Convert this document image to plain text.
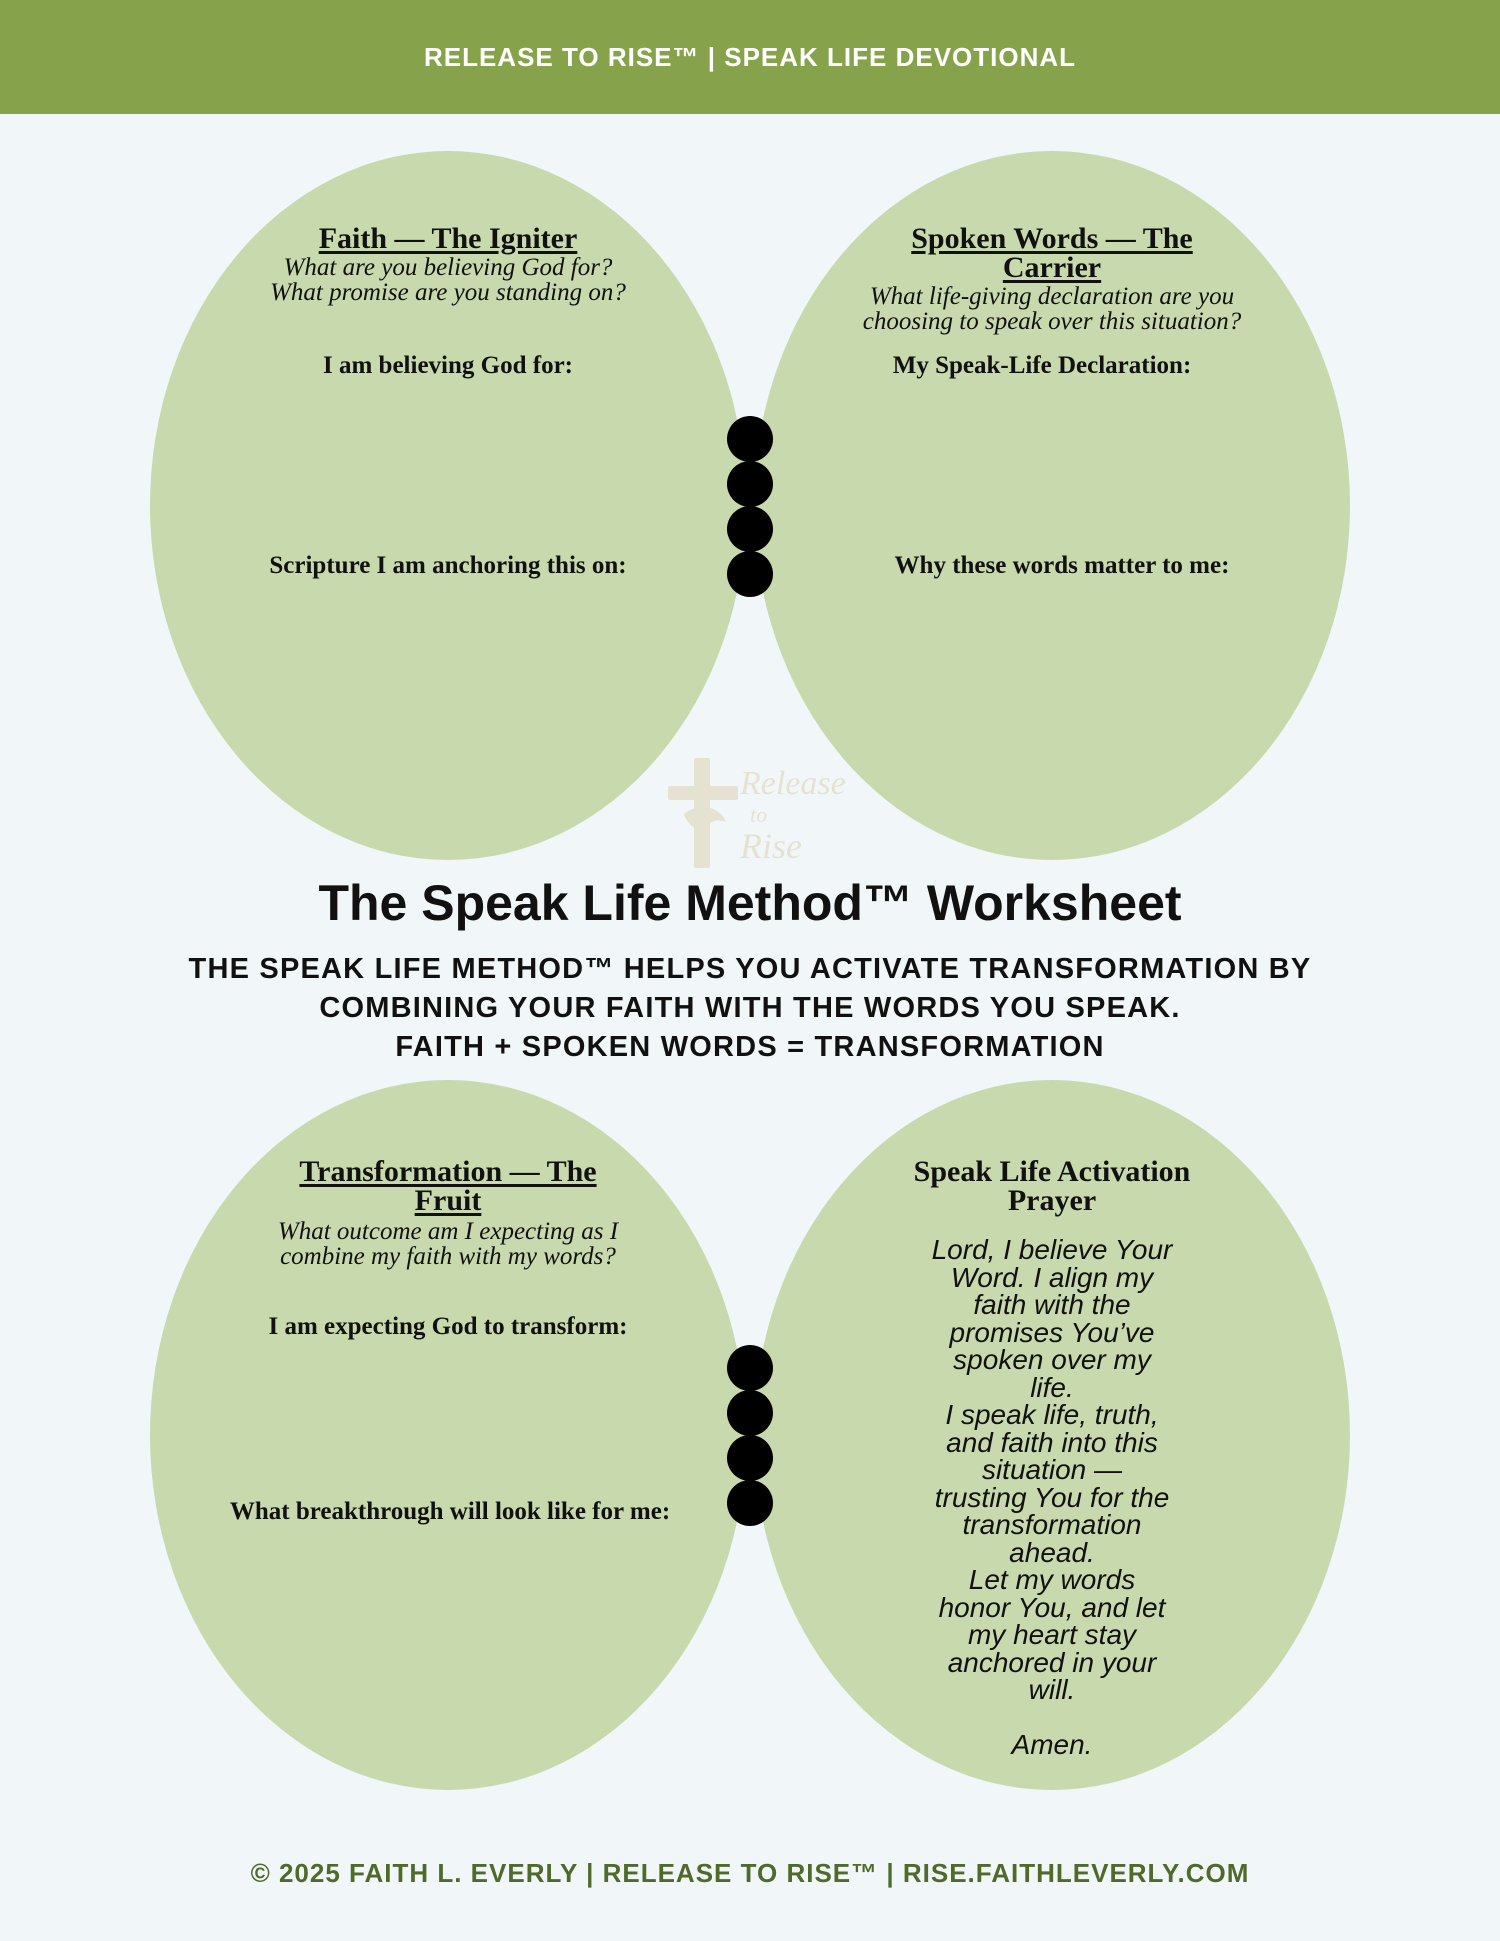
RELEASE TO RISE™ | SPEAK LIFE DEVOTIONAL
Faith — The Igniter
What are you believing God for?
What promise are you standing on?
I am believing God for:
Scripture I am anchoring this on:
Spoken Words — The
Carrier
What life-giving declaration are you
choosing to speak over this situation?
My Speak-Life Declaration:
Why these words matter to me:
Release
to
Rise
The Speak Life Method™ Worksheet
THE SPEAK LIFE METHOD™ HELPS YOU ACTIVATE TRANSFORMATION BY
COMBINING YOUR FAITH WITH THE WORDS YOU SPEAK.
FAITH + SPOKEN WORDS = TRANSFORMATION
Transformation — The
Fruit
What outcome am I expecting as I
combine my faith with my words?
I am expecting God to transform:
What breakthrough will look like for me:
Speak Life Activation
Prayer

Lord, I believe Your

Word. I align my

faith with the

promises You’ve

spoken over my

life.

I speak life, truth,

and faith into this

situation —

trusting You for the

transformation

ahead.

Let my words

honor You, and let

my heart stay

anchored in your

will.

Amen.

© 2025 FAITH L. EVERLY | RELEASE TO RISE™ | RISE.FAITHLEVERLY.COM
